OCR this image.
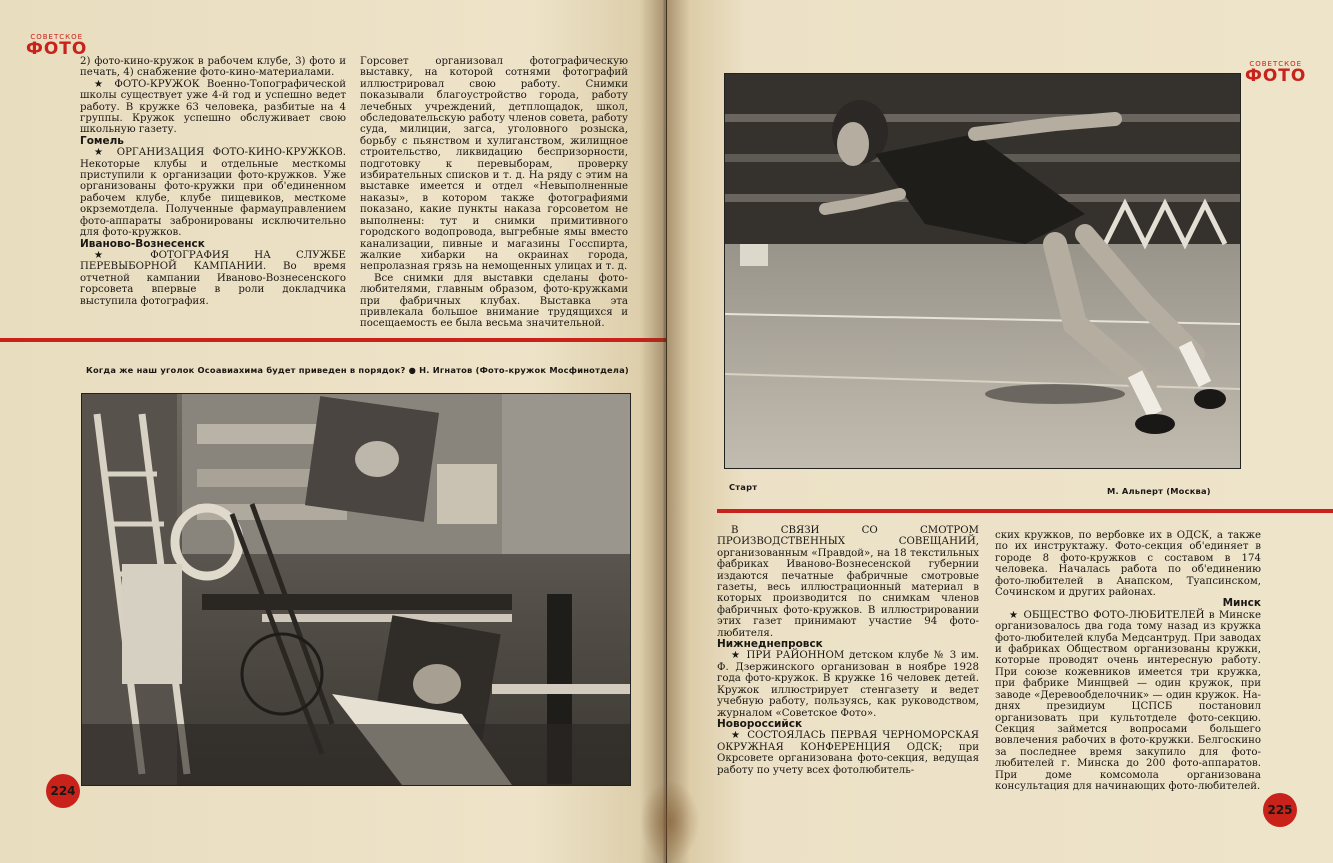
СОВЕТСКОЕ
ФОТО

2) фото-кино-кружок в рабочем клубе, 3) фото и печать, 4) снабжение фото-кино-материалами.

★ ФОТО-КРУЖОК Военно-Топографической школы существует уже 4-й год и успешно ведет работу. В кружке 63 человека, разбитые на 4 группы. Кружок успешно обслуживает свою школьную газету.

Гомель

★ ОРГАНИЗАЦИЯ ФОТО-КИНО-КРУЖКОВ. Некоторые клубы и отдельные месткомы приступили к организации фото-кружков. Уже организованы фото-кружки при об'единенном рабочем клубе, клубе пищевиков, месткоме окрземотдела. Полученные фармауправлением фото-аппараты забронированы исключительно для фото-кружков.

Иваново-Вознесенск

★ ФОТОГРАФИЯ НА СЛУЖБЕ ПЕРЕВЫБОРНОЙ КАМПАНИИ. Во время отчетной кампании Иваново-Вознесенского горсовета впервые в роли докладчика выступила фотография.

Горсовет организовал фотографическую выставку, на которой сотнями фотографий иллюстрировал свою работу. Снимки показывали благоустройство города, работу лечебных учреждений, детплощадок, школ, обследовательскую работу членов совета, работу суда, милиции, загса, уголовного розыска, борьбу с пьянством и хулиганством, жилищное строительство, ликвидацию беспризорности, подготовку к перевыборам, проверку избирательных списков и т. д. На ряду с этим на выставке имеется и отдел «Невыполненные наказы», в котором также фотографиями показано, какие пункты наказа горсоветом не выполнены: тут и снимки примитивного городского водопровода, выгребные ямы вместо канализации, пивные и магазины Госспирта, жалкие хибарки на окраинах города, непролазная грязь на немощенных улицах и т. д.

Все снимки для выставки сделаны фото-любителями, главным образом, фото-кружками при фабричных клубах. Выставка эта привлекала большое внимание трудящихся и посещаемость ее была весьма значительной.

Когда же наш уголок Осоавиахима будет приведен в порядок? ● Н. Игнатов (Фото-кружок Мосфинотдела)
224
СОВЕТСКОЕ
ФОТО
Старт	М. Альперт (Москва)

В СВЯЗИ СО СМОТРОМ ПРОИЗВОДСТВЕННЫХ СОВЕЩАНИЙ, организованным «Правдой», на 18 текстильных фабриках Иваново-Вознесенской губернии издаются печатные фабричные смотровые газеты, весь иллюстрационный материал в которых производится по снимкам членов фабричных фото-кружков. В иллюстрировании этих газет принимают участие 94 фото-любителя.

Нижнеднепровск

★ ПРИ РАЙОННОМ детском клубе № 3 им. Ф. Дзержинского организован в ноябре 1928 года фото-кружок. В кружке 16 человек детей. Кружок иллюстрирует стенгазету и ведет учебную работу, пользуясь, как руководством, журналом «Советское Фото».

Новороссийск

★ СОСТОЯЛАСЬ ПЕРВАЯ ЧЕРНОМОРСКАЯ ОКРУЖНАЯ КОНФЕРЕНЦИЯ ОДСК; при Окрсовете организована фото-секция, ведущая работу по учету всех фотолюбитель-

ских кружков, по вербовке их в ОДСК, а также по их инструктажу. Фото-секция об'единяет в городе 8 фото-кружков с составом в 174 человека. Началась работа по об'единению фото-любителей в Анапском, Туапсинском, Сочинском и других районах.

Минск

★ ОБЩЕСТВО ФОТО-ЛЮБИТЕЛЕЙ в Минске организовалось два года тому назад из кружка фото-любителей клуба Медсантруд. При заводах и фабриках Обществом организованы кружки, которые проводят очень интересную работу. При союзе кожевников имеется три кружка, при фабрике Минщвей — один кружок, при заводе «Деревообделочник» — один кружок. На-днях президиум ЦСПСБ постановил организовать при культотделе фото-секцию. Секция займется вопросами большего вовлечения рабочих в фото-кружки. Белгоскино за последнее время закупило для фото-любителей г. Минска до 200 фото-аппаратов. При доме комсомола организована консультация для начинающих фото-любителей.

225
